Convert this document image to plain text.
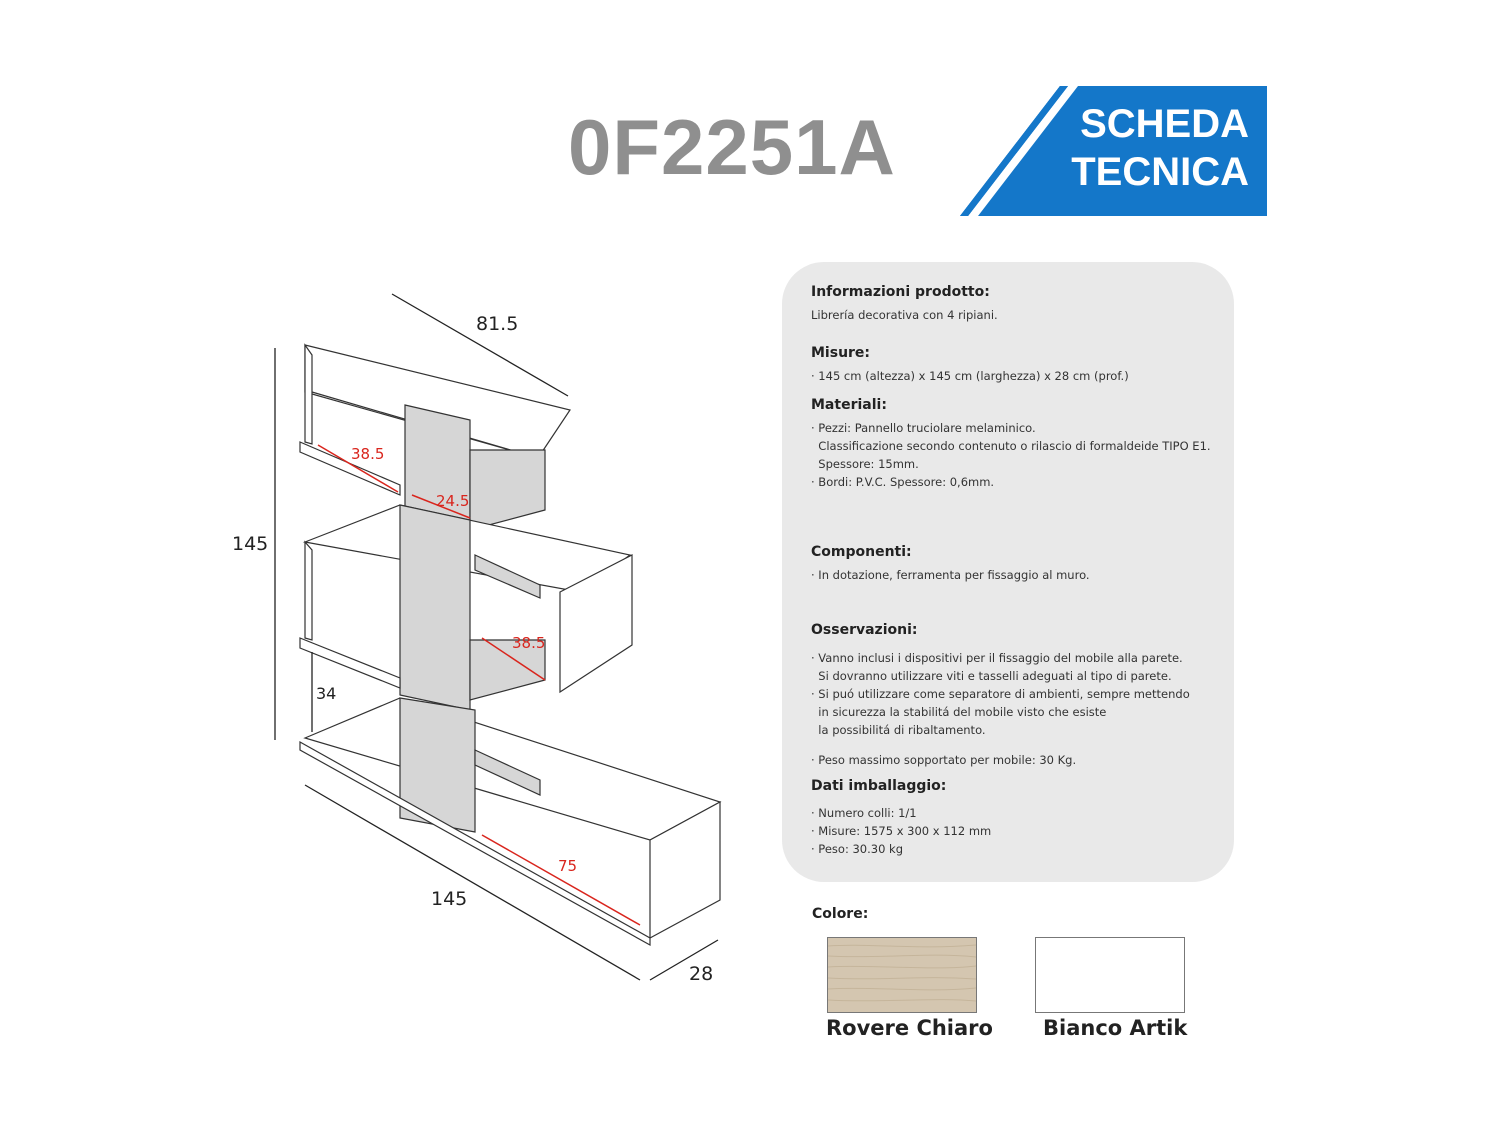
0F2251A	SCHEDA
TECNICA
81.5
145
145
28
34
38.5
24.5
38.5
75

Informazioni prodotto:

Librería decorativa con 4 ripiani.

Misure:

· 145 cm (altezza) x 145 cm (larghezza) x 28 cm (prof.)

Materiali:

· Pezzi: Pannello truciolare melaminico.

Classificazione secondo contenuto o rilascio di formaldeide TIPO E1.

Spessore: 15mm.

· Bordi: P.V.C. Spessore: 0,6mm.

Componenti:

· In dotazione, ferramenta per fissaggio al muro.

Osservazioni:

· Vanno inclusi i dispositivi per il fissaggio del mobile alla parete.

Si dovranno utilizzare viti e tasselli adeguati al tipo di parete.

· Si puó utilizzare come separatore di ambienti, sempre mettendo

in sicurezza la stabilitá del mobile visto che esiste

la possibilitá di ribaltamento.

· Peso massimo sopportato per mobile: 30 Kg.

Dati imballaggio:

· Numero colli: 1/1

· Misure: 1575 x 300 x 112 mm

· Peso: 30.30 kg

Colore:

Rovere Chiaro Bianco Artik
